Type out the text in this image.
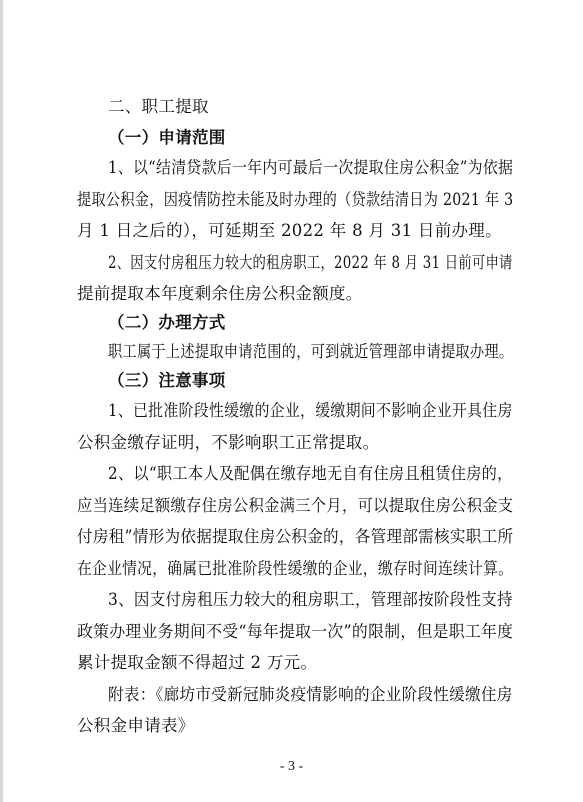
二、职工提取
（一）申请范围
1、以“结清贷款后一年内可最后一次提取住房公积金”为依据
提取公积金，因疫情防控未能及时办理的（贷款结清日为 2021 年 3
月 1 日之后的），可延期至 2022 年 8 月 31 日前办理。
2、因支付房租压力较大的租房职工，2022 年 8 月 31 日前可申请
提前提取本年度剩余住房公积金额度。
（二）办理方式
职工属于上述提取申请范围的，可到就近管理部申请提取办理。
（三）注意事项
1、已批准阶段性缓缴的企业，缓缴期间不影响企业开具住房
公积金缴存证明，不影响职工正常提取。
2、以“职工本人及配偶在缴存地无自有住房且租赁住房的，
应当连续足额缴存住房公积金满三个月，可以提取住房公积金支
付房租”情形为依据提取住房公积金的，各管理部需核实职工所
在企业情况，确属已批准阶段性缓缴的企业，缴存时间连续计算。
3、因支付房租压力较大的租房职工，管理部按阶段性支持
政策办理业务期间不受“每年提取一次”的限制，但是职工年度
累计提取金额不得超过 2 万元。
附表：《廊坊市受新冠肺炎疫情影响的企业阶段性缓缴住房
公积金申请表》
- 3 -
